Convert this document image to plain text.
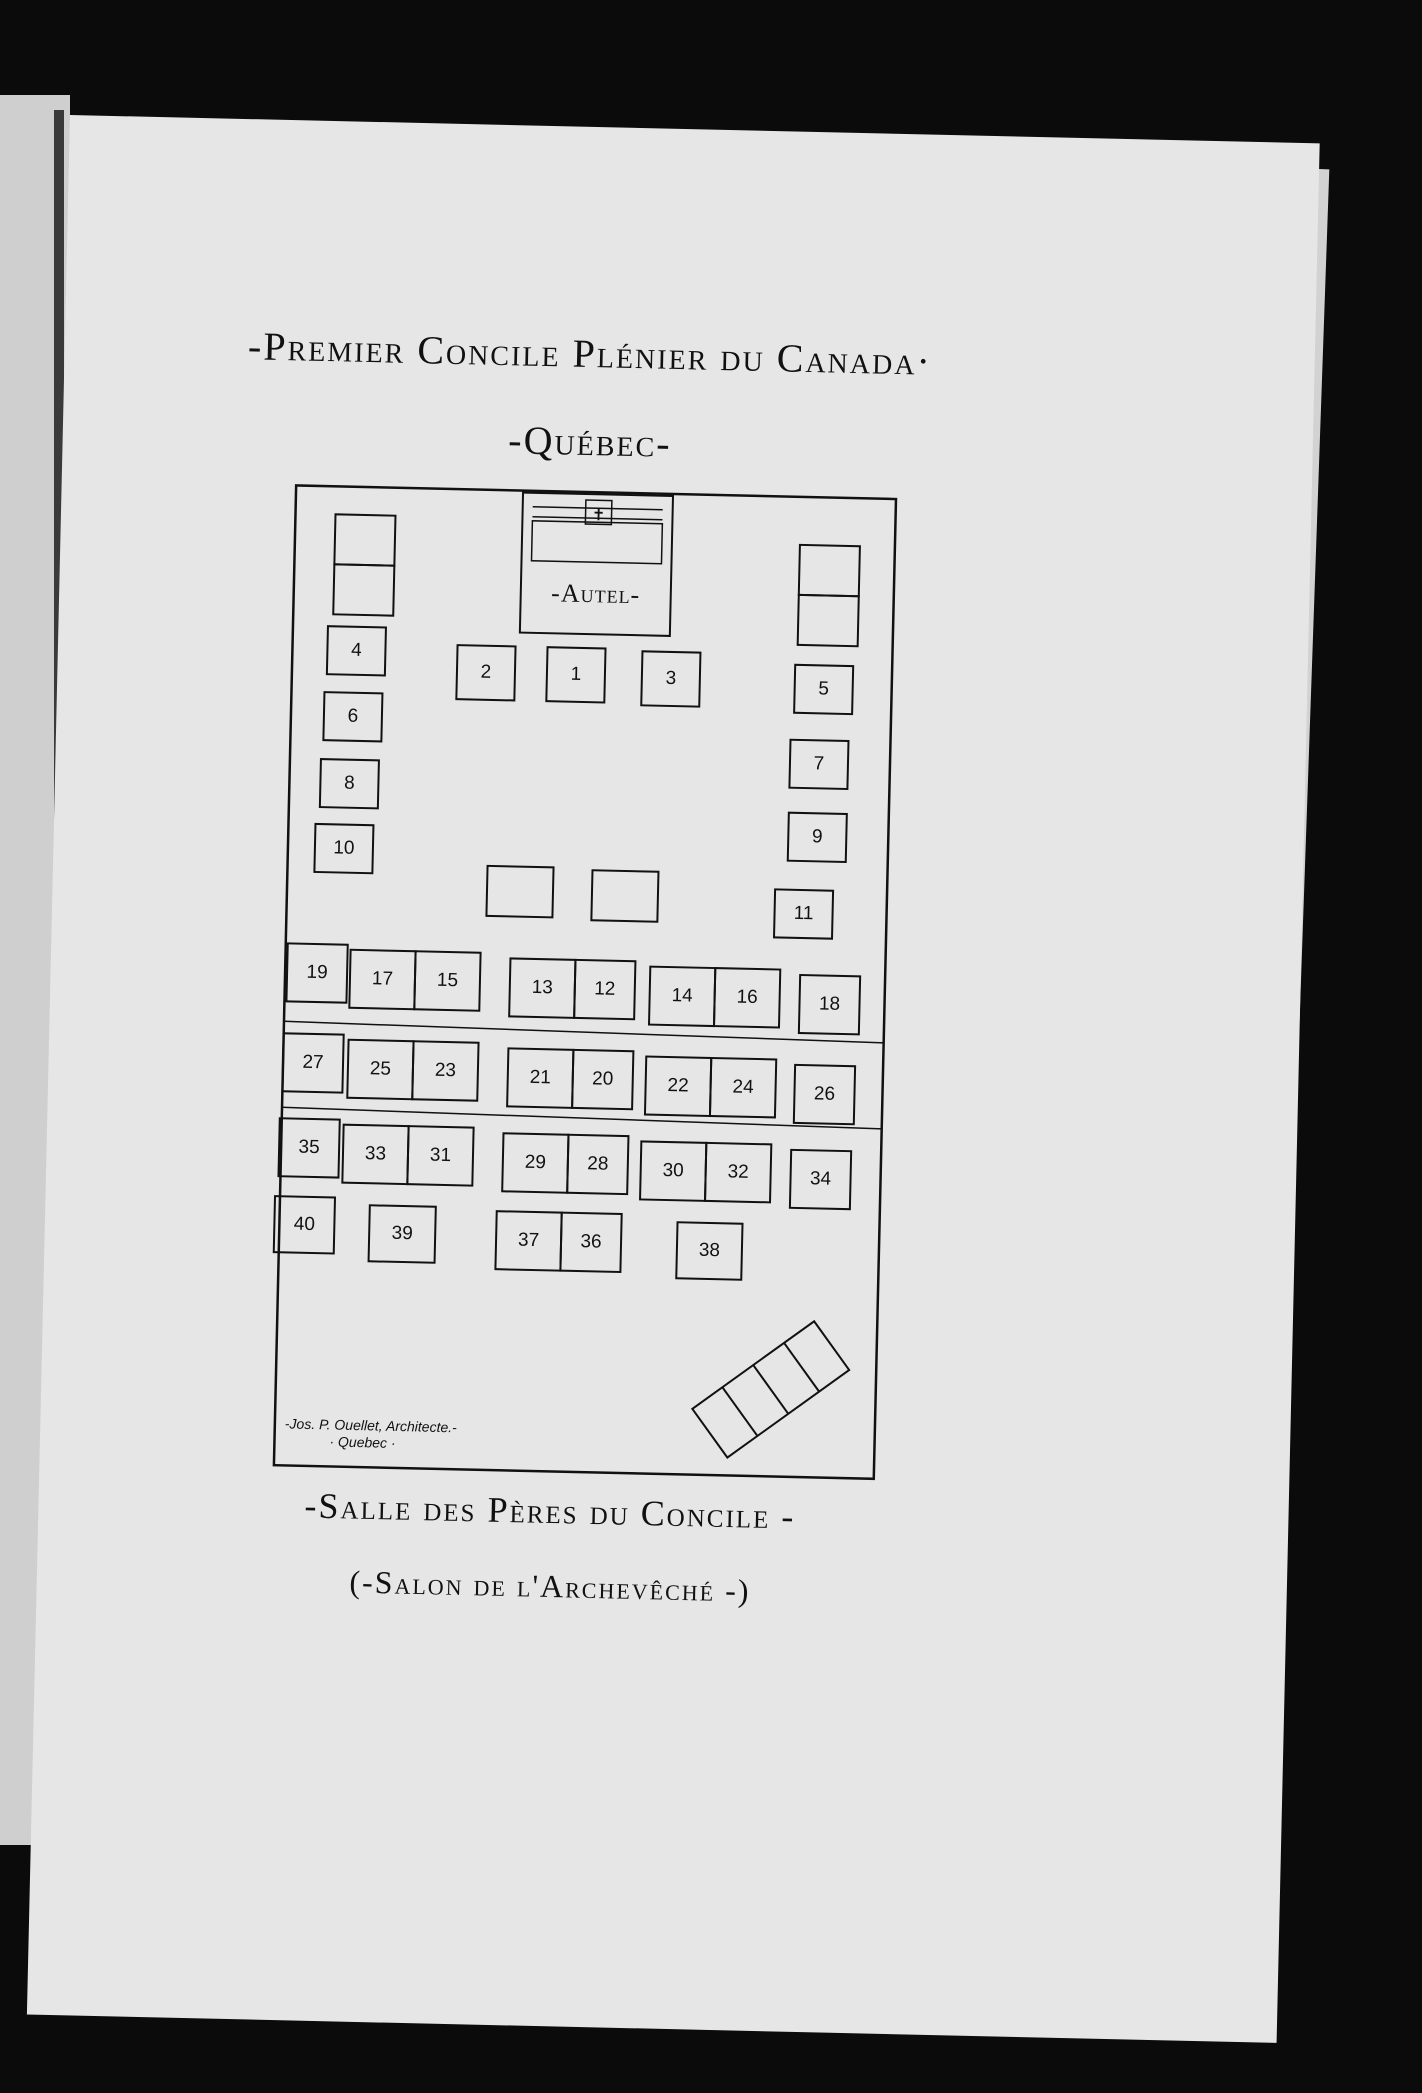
-Premier Concile Plénier du Canada·
-Québec-
✝
-Autel-
-Jos. P. Ouellet, Architecte.-
· Quebec ·
1
2	3
4
5
6
7
8
9
10
11
12
13	14
15
16
17
18
19
20
21	22
23
24
25
26
27
28
29	30
31
32
33
34
35
36
37	38
39
40
-Salle des Pères du Concile -
(-Salon de l'Archevêché -)
